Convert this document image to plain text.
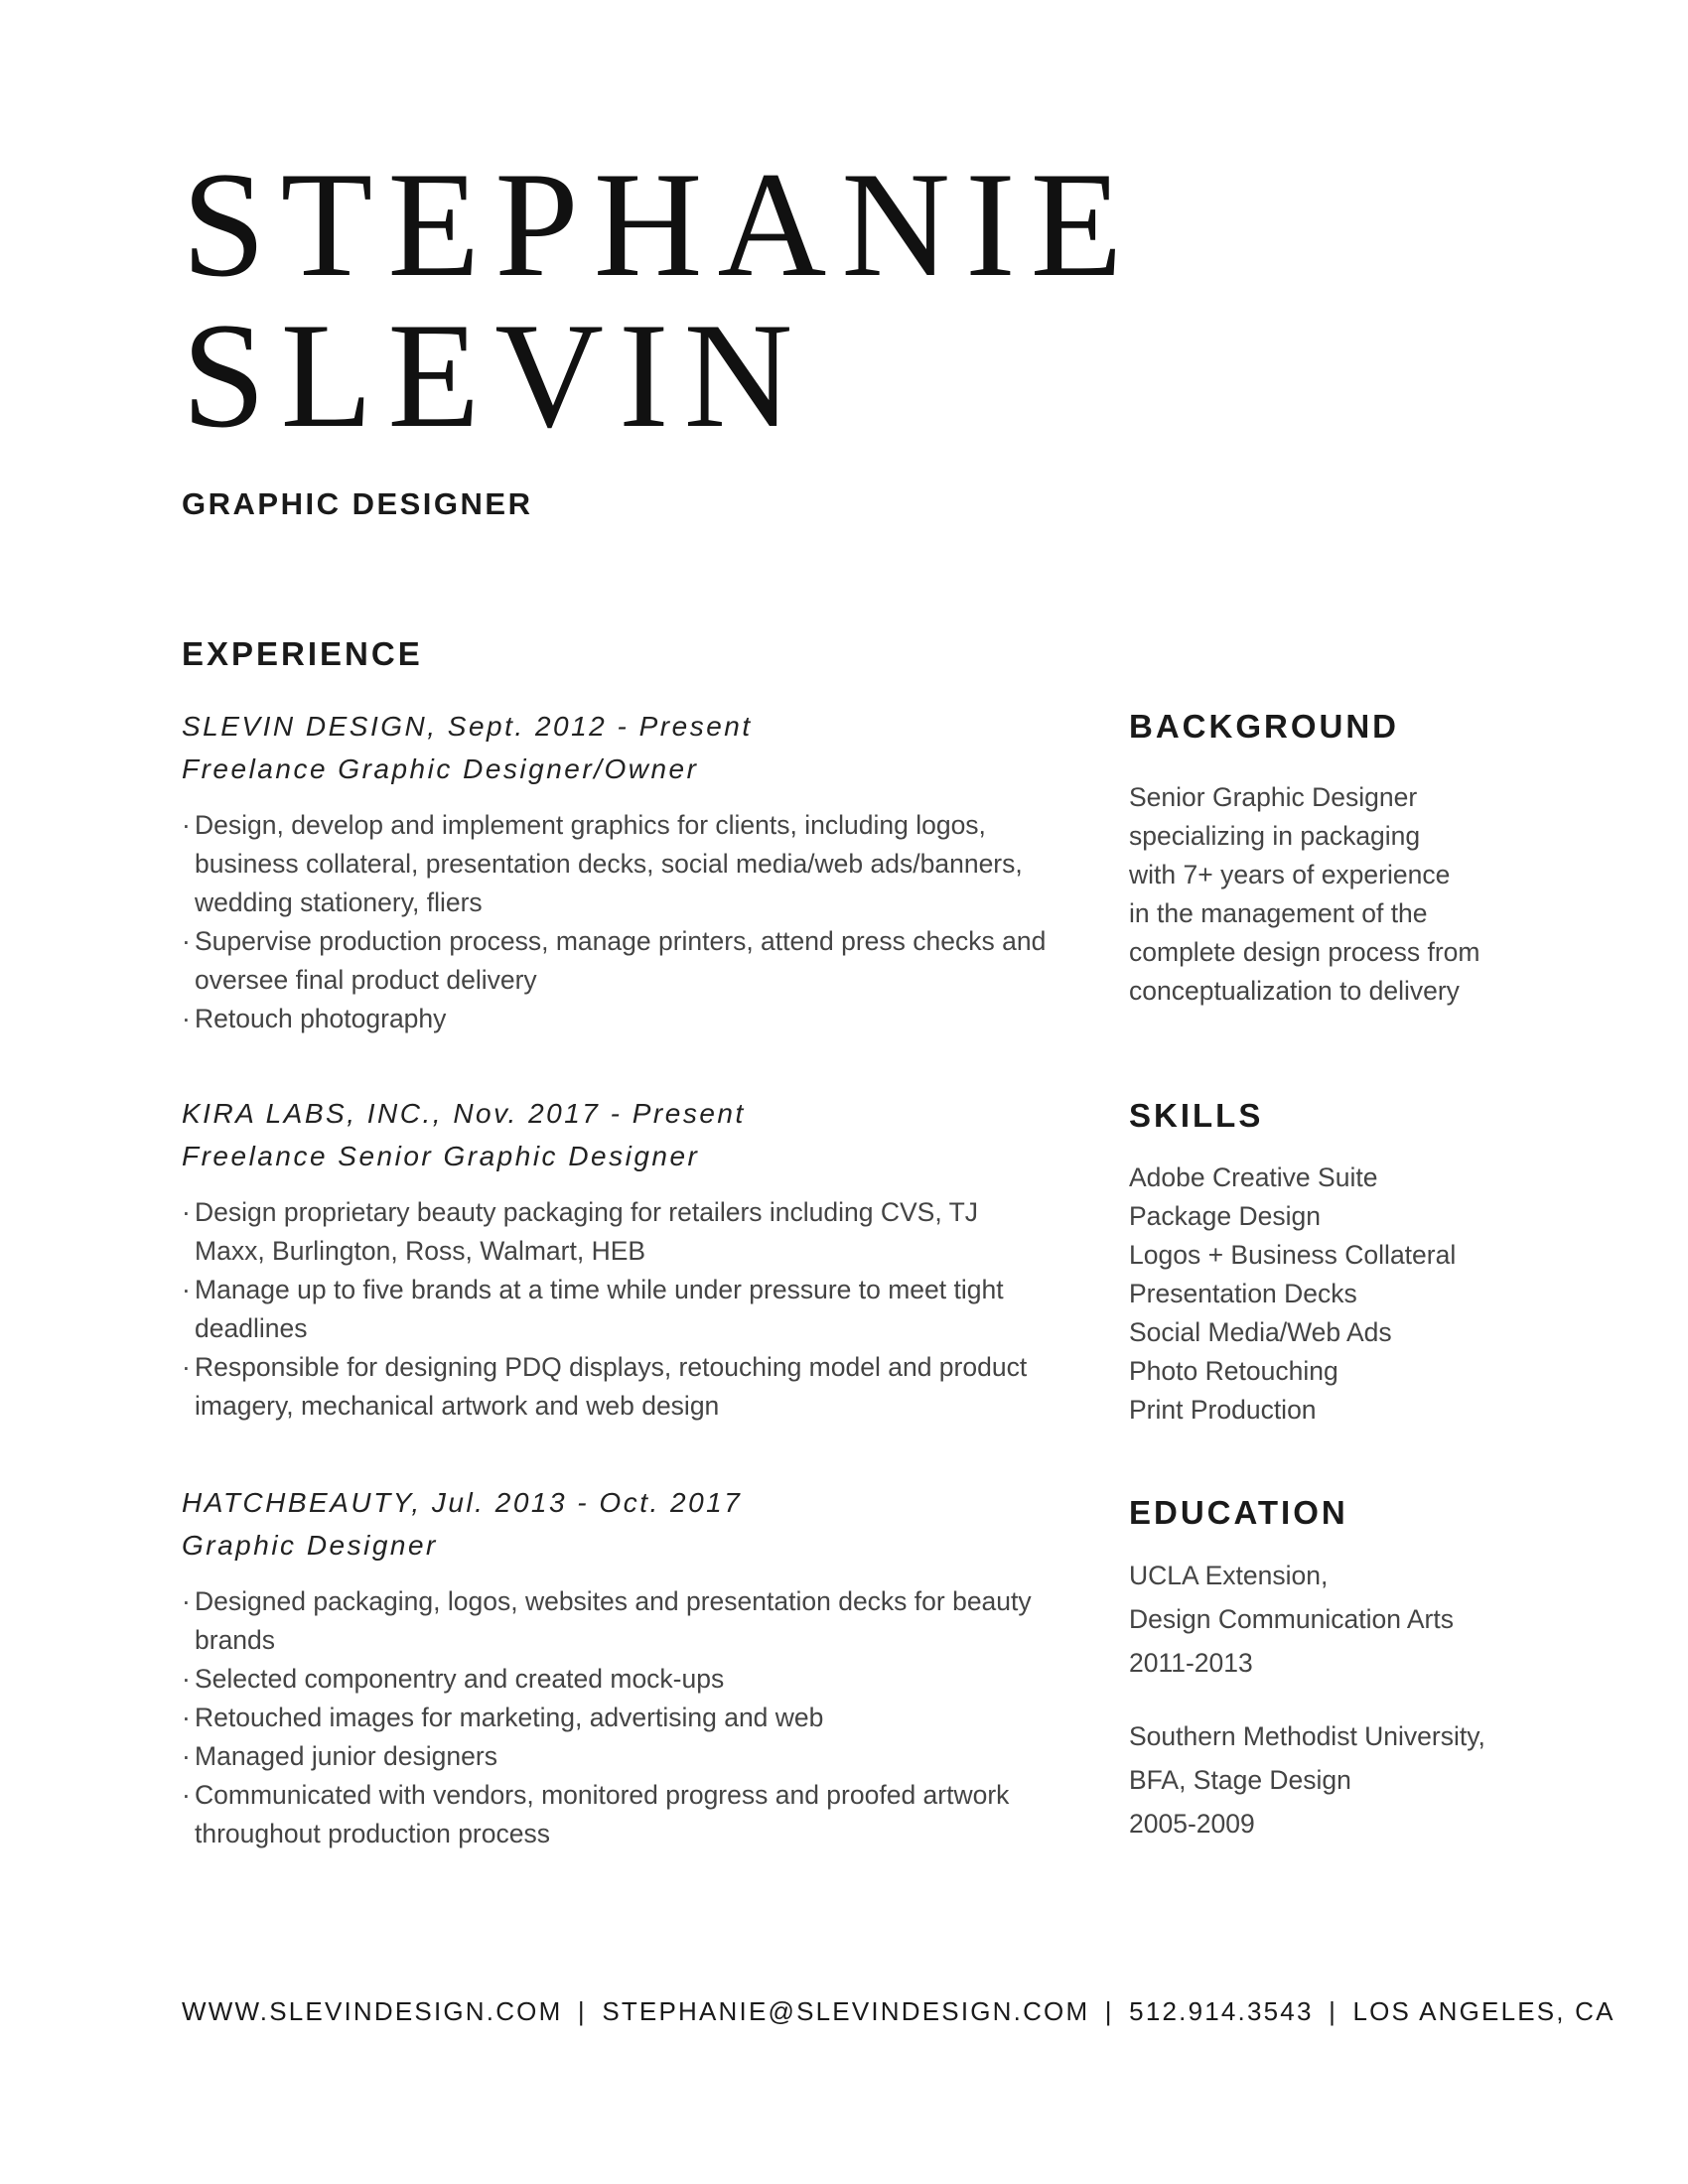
STEPHANIE
SLEVIN
GRAPHIC DESIGNER
EXPERIENCE
SLEVIN DESIGN, Sept. 2012 - Present
Freelance Graphic Designer/Owner
· Design, develop and implement graphics for clients, including logos, business collateral, presentation decks, social media/web ads/banners, wedding stationery, fliers
· Supervise production process, manage printers, attend press checks and oversee final product delivery
· Retouch photography
KIRA LABS, INC., Nov. 2017 - Present
Freelance Senior Graphic Designer
· Design proprietary beauty packaging for retailers including CVS, TJ Maxx, Burlington, Ross, Walmart, HEB
· Manage up to five brands at a time while under pressure to meet tight deadlines
· Responsible for designing PDQ displays, retouching model and product imagery, mechanical artwork and web design
HATCHBEAUTY, Jul. 2013 - Oct. 2017
Graphic Designer
· Designed packaging, logos, websites and presentation decks for beauty brands
· Selected componentry and created mock-ups
· Retouched images for marketing, advertising and web
· Managed junior designers
· Communicated with vendors, monitored progress and proofed artwork throughout production process
BACKGROUND
Senior Graphic Designer
specializing in packaging
with 7+ years of experience
in the management of the
complete design process from
conceptualization to delivery
SKILLS
Adobe Creative Suite
Package Design
Logos + Business Collateral
Presentation Decks
Social Media/Web Ads
Photo Retouching
Print Production
EDUCATION
UCLA Extension,
Design Communication Arts
2011-2013
Southern Methodist University,
BFA, Stage Design
2005-2009
WWW.SLEVINDESIGN.COM | STEPHANIE@SLEVINDESIGN.COM | 512.914.3543 | LOS ANGELES, CA
